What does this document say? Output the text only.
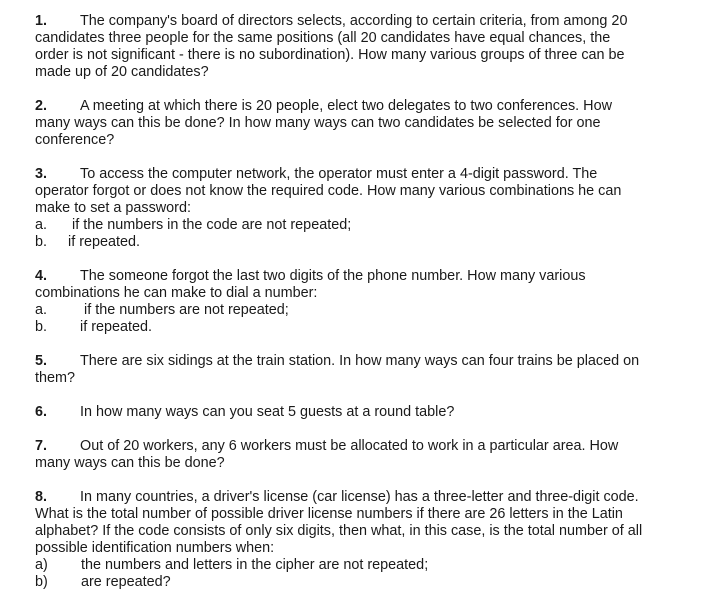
1. The company's board of directors selects, according to certain criteria, from among 20 candidates three people for the same positions (all 20 candidates have equal chances, the order is not significant - there is no subordination). How many various groups of three can be made up of 20 candidates?
2. A meeting at which there is 20 people, elect two delegates to two conferences. How many ways can this be done? In how many ways can two candidates be selected for one conference?
3. To access the computer network, the operator must enter a 4-digit password. The operator forgot or does not know the required code. How many various combinations he can make to set a password:
a. if the numbers in the code are not repeated;
b. if repeated.
4. The someone forgot the last two digits of the phone number. How many various combinations he can make to dial a number:
a.	if the numbers are not repeated;
b. if repeated.
5. There are six sidings at the train station. In how many ways can four trains be placed on them?
6. In how many ways can you seat 5 guests at a round table?
7. Out of 20 workers, any 6 workers must be allocated to work in a particular area. How many ways can this be done?
8. In many countries, a driver's license (car license) has a three-letter and three-digit code. What is the total number of possible driver license numbers if there are 26 letters in the Latin alphabet? If the code consists of only six digits, then what, in this case, is the total number of all possible identification numbers when:
a) the numbers and letters in the cipher are not repeated;
b) are repeated?
